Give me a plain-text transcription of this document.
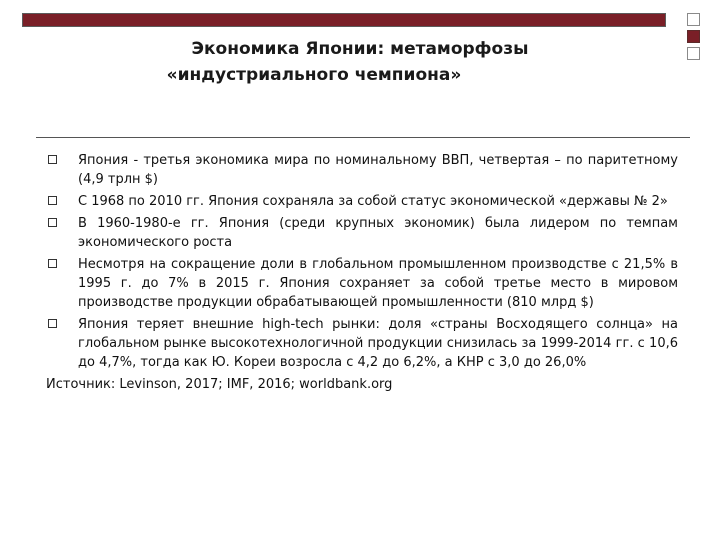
Экономика Японии: метаморфозы
«индустриального чемпиона»
Япония - третья экономика мира по номинальному ВВП, четвертая – по паритетному (4,9 трлн $)
С 1968 по 2010 гг. Япония сохраняла за собой статус экономической «державы № 2»
В 1960-1980-е гг. Япония (среди крупных экономик) была лидером по темпам экономического роста
Несмотря на сокращение доли в глобальном промышленном производстве с 21,5% в 1995 г. до 7% в 2015 г. Япония сохраняет за собой третье место в мировом производстве продукции обрабатывающей промышленности (810 млрд $)
Япония теряет внешние high-tech рынки: доля «страны Восходящего солнца» на глобальном рынке высокотехнологичной продукции снизилась за 1999-2014 гг. с 10,6 до 4,7%, тогда как Ю. Кореи возросла с 4,2 до 6,2%, а КНР с 3,0 до 26,0%
Источник: Levinson, 2017; IMF, 2016; worldbank.org
